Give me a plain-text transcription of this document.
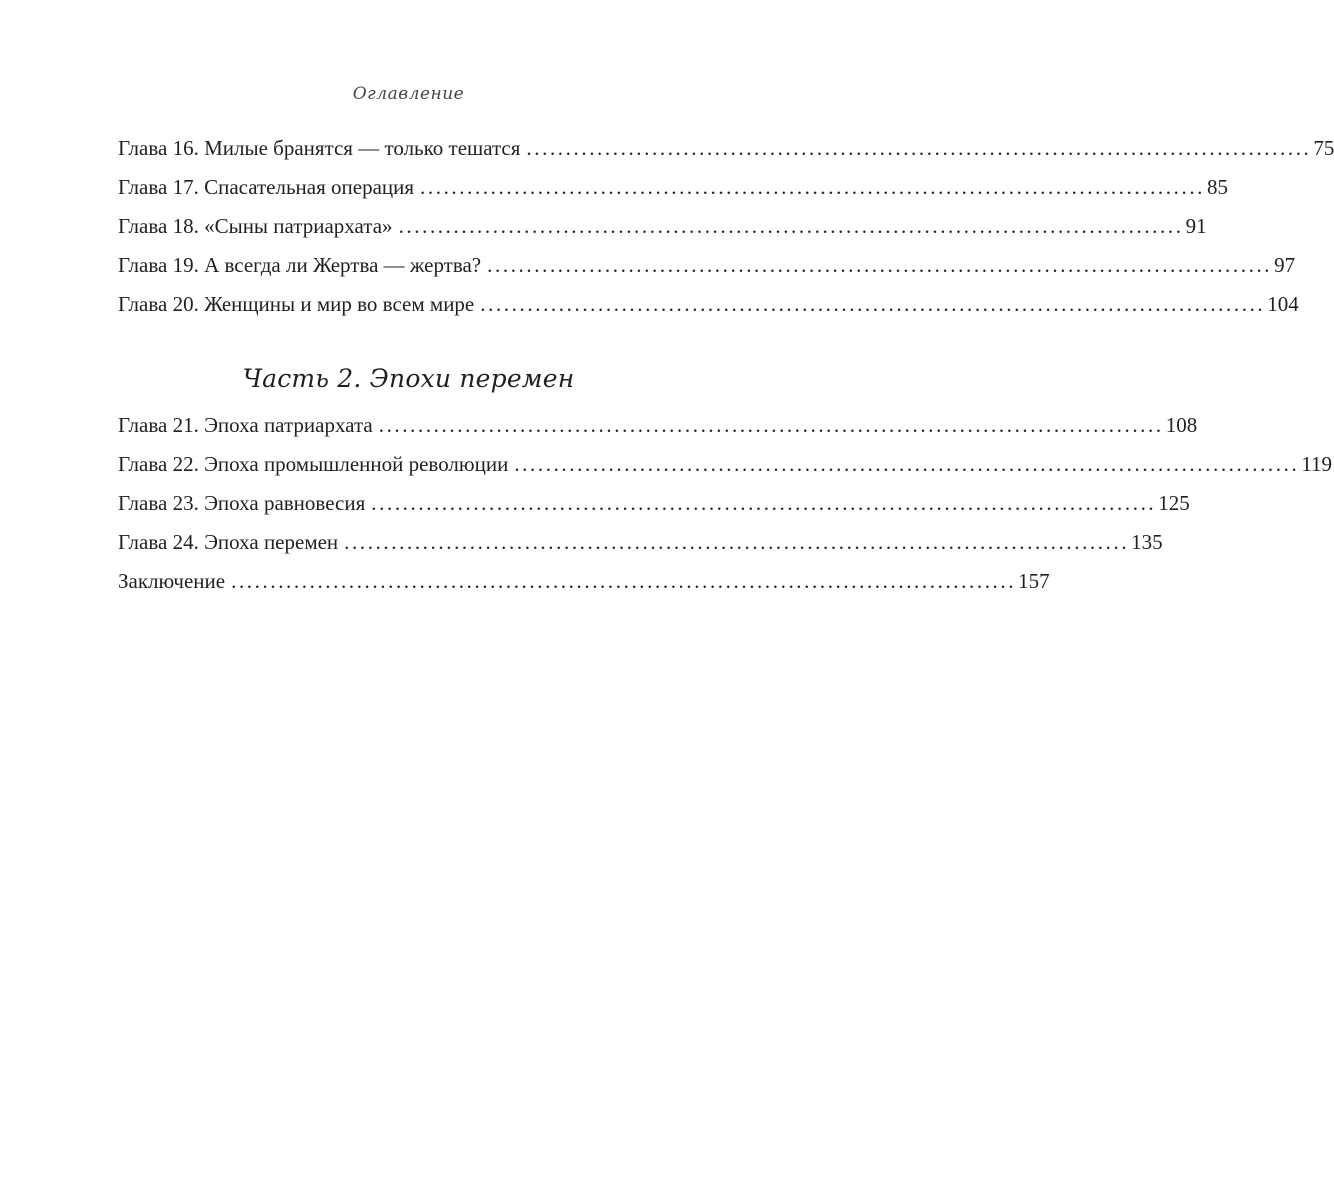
Оглавление
Глава 16. Милые бранятся — только тешатся .................................................................................................... 75
Глава 17. Спасательная операция .................................................................................................... 85
Глава 18. «Сыны патриархата» .................................................................................................... 91
Глава 19. А всегда ли Жертва — жертва? .................................................................................................... 97
Глава 20. Женщины и мир во всем мире .................................................................................................... 104
Часть 2. Эпохи перемен
Глава 21. Эпоха патриархата .................................................................................................... 108
Глава 22. Эпоха промышленной революции .................................................................................................... 119
Глава 23. Эпоха равновесия .................................................................................................... 125
Глава 24. Эпоха перемен .................................................................................................... 135
Заключение .................................................................................................... 157
